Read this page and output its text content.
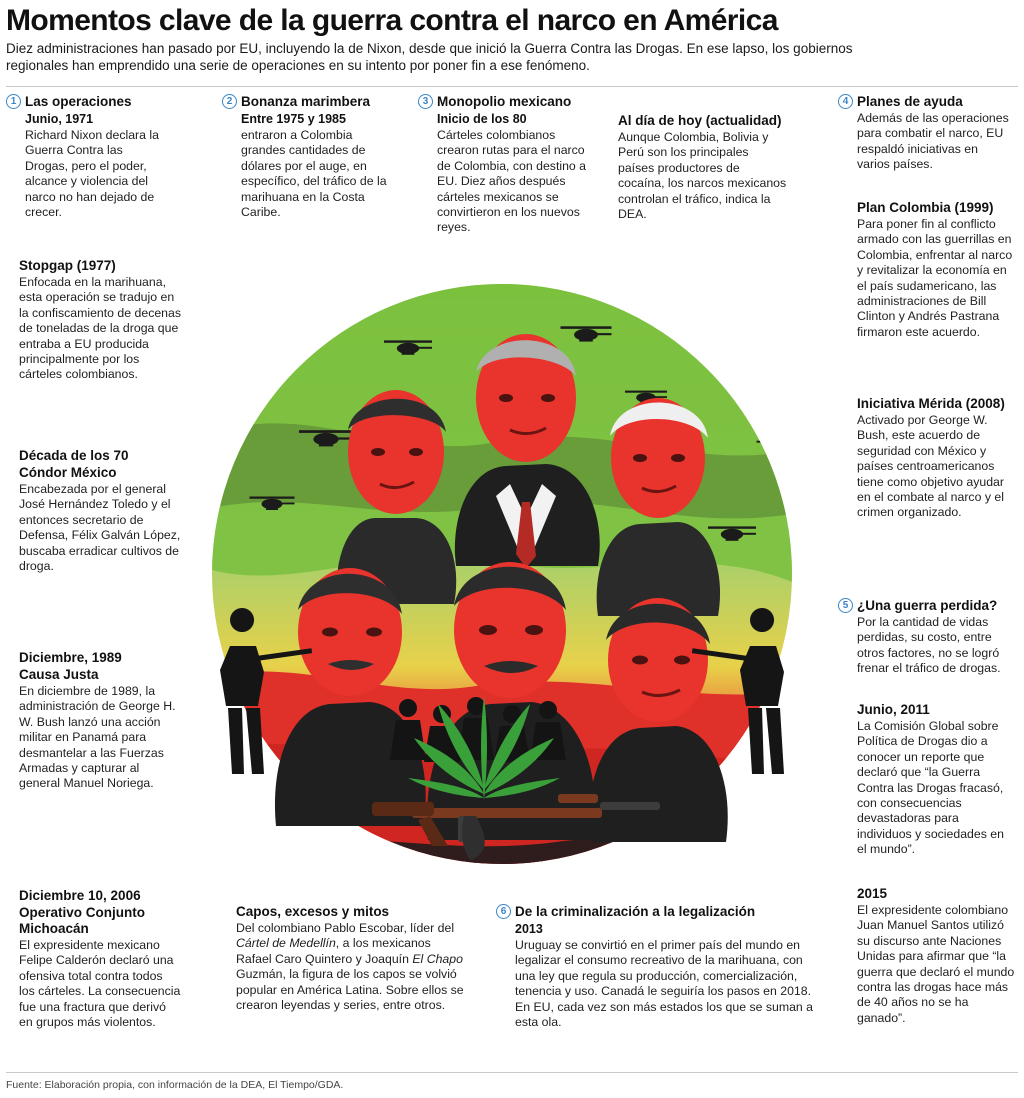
Momentos clave de la guerra contra el narco en América

Diez administraciones han pasado por EU, incluyendo la de Nixon, desde que inició la Guerra Contra las Drogas. En ese lapso, los gobiernos regionales han emprendido una serie de operaciones en su intento por poner fin a ese fenómeno.

1 Las operaciones
Junio, 1971

Richard Nixon declara la Guerra Contra las Drogas, pero el poder, alcance y violencia del narco no han dejado de crecer.

Stopgap (1977)

Enfocada en la marihuana, esta operación se tradujo en la confiscamiento de decenas de toneladas de la droga que entraba a EU producida principalmente por los cárteles colombianos.

Década de los 70
Cóndor México

Encabezada por el general José Hernández Toledo y el entonces secretario de Defensa, Félix Galván López, buscaba erradicar cultivos de droga.

Diciembre, 1989
Causa Justa

En diciembre de 1989, la administración de George H. W. Bush lanzó una acción militar en Panamá para desmantelar a las Fuerzas Armadas y capturar al general Manuel Noriega.

Diciembre 10, 2006
Operativo Conjunto Michoacán

El expresidente mexicano Felipe Calderón declaró una ofensiva total contra todos los cárteles. La consecuencia fue una fractura que derivó en grupos más violentos.

2 Bonanza marimbera
Entre 1975 y 1985

entraron a Colombia grandes cantidades de dólares por el auge, en específico, del tráfico de la marihuana en la Costa Caribe.

3 Monopolio mexicano
Inicio de los 80

Cárteles colombianos crearon rutas para el narco de Colombia, con destino a EU. Diez años después cárteles mexicanos se convirtieron en los nuevos reyes.

Al día de hoy (actualidad)

Aunque Colombia, Bolivia y Perú son los principales países productores de cocaína, los narcos mexicanos controlan el tráfico, indica la DEA.

4 Planes de ayuda

Además de las operaciones para combatir el narco, EU respaldó iniciativas en varios países.

Plan Colombia (1999)

Para poner fin al conflicto armado con las guerrillas en Colombia, enfrentar al narco y revitalizar la economía en el país sudamericano, las administraciones de Bill Clinton y Andrés Pastrana firmaron este acuerdo.

Iniciativa Mérida (2008)

Activado por George W. Bush, este acuerdo de seguridad con México y países centroamericanos tiene como objetivo ayudar en el combate al narco y el crimen organizado.

5 ¿Una guerra perdida?

Por la cantidad de vidas perdidas, su costo, entre otros factores, no se logró frenar el tráfico de drogas.

Junio, 2011

La Comisión Global sobre Política de Drogas dio a conocer un reporte que declaró que “la Guerra Contra las Drogas fracasó, con consecuencias devastadoras para individuos y sociedades en el mundo”.

2015

El expresidente colombiano Juan Manuel Santos utilizó su discurso ante Naciones Unidas para afirmar que “la guerra que declaró el mundo contra las drogas hace más de 40 años no se ha ganado”.

Capos, excesos y mitos

Del colombiano Pablo Escobar, líder del Cártel de Medellín, a los mexicanos Rafael Caro Quintero y Joaquín El Chapo Guzmán, la figura de los capos se volvió popular en América Latina. Sobre ellos se crearon leyendas y series, entre otros.

6 De la criminalización a la legalización
2013

Uruguay se convirtió en el primer país del mundo en legalizar el consumo recreativo de la marihuana, con una ley que regula su producción, comercialización, tenencia y uso. Canadá le seguiría los pasos en 2018. En EU, cada vez son más estados los que se suman a esta ola.

Fuente: Elaboración propia, con información de la DEA, El Tiempo/GDA.
